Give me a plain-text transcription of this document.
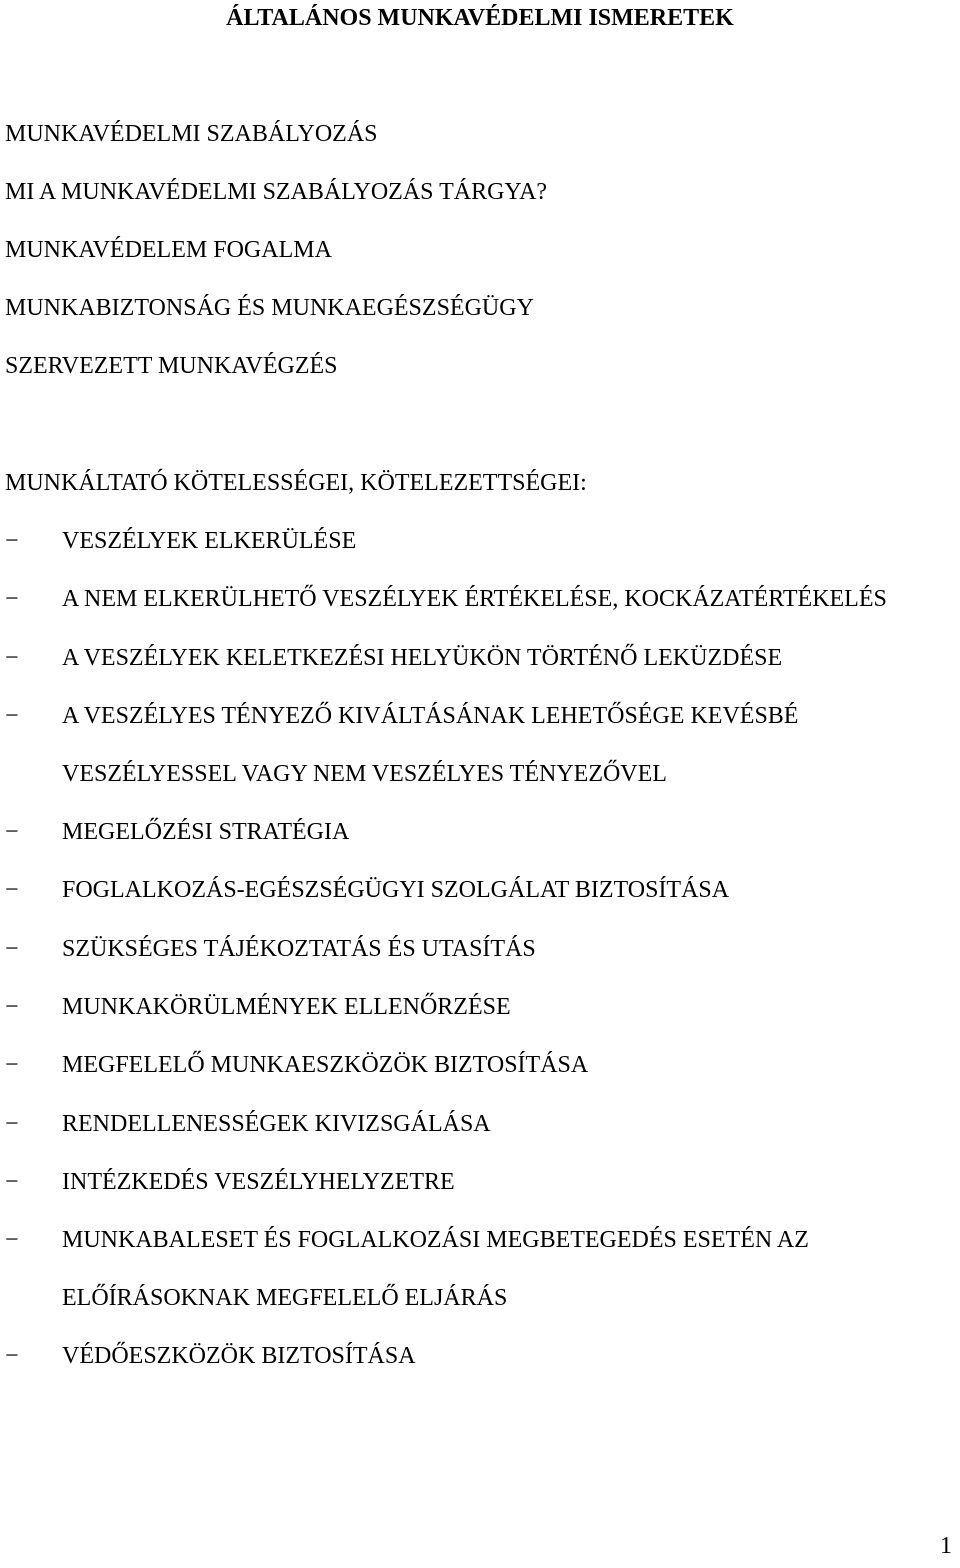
ÁLTALÁNOS MUNKAVÉDELMI ISMERETEK
MUNKAVÉDELMI SZABÁLYOZÁS
MI A MUNKAVÉDELMI SZABÁLYOZÁS TÁRGYA?
MUNKAVÉDELEM FOGALMA
MUNKABIZTONSÁG ÉS MUNKAEGÉSZSÉGÜGY
SZERVEZETT MUNKAVÉGZÉS
MUNKÁLTATÓ KÖTELESSÉGEI, KÖTELEZETTSÉGEI:
− VESZÉLYEK ELKERÜLÉSE
− A NEM ELKERÜLHETŐ VESZÉLYEK ÉRTÉKELÉSE, KOCKÁZATÉRTÉKELÉS
− A VESZÉLYEK KELETKEZÉSI HELYÜKÖN TÖRTÉNŐ LEKÜZDÉSE
− A VESZÉLYES TÉNYEZŐ KIVÁLTÁSÁNAK LEHETŐSÉGE KEVÉSBÉ
VESZÉLYESSEL VAGY NEM VESZÉLYES TÉNYEZŐVEL
− MEGELŐZÉSI STRATÉGIA
− FOGLALKOZÁS-EGÉSZSÉGÜGYI SZOLGÁLAT BIZTOSÍTÁSA
− SZÜKSÉGES TÁJÉKOZTATÁS ÉS UTASÍTÁS
− MUNKAKÖRÜLMÉNYEK ELLENŐRZÉSE
− MEGFELELŐ MUNKAESZKÖZÖK BIZTOSÍTÁSA
− RENDELLENESSÉGEK KIVIZSGÁLÁSA
− INTÉZKEDÉS VESZÉLYHELYZETRE
− MUNKABALESET ÉS FOGLALKOZÁSI MEGBETEGEDÉS ESETÉN AZ
ELŐÍRÁSOKNAK MEGFELELŐ ELJÁRÁS
− VÉDŐESZKÖZÖK BIZTOSÍTÁSA
1
